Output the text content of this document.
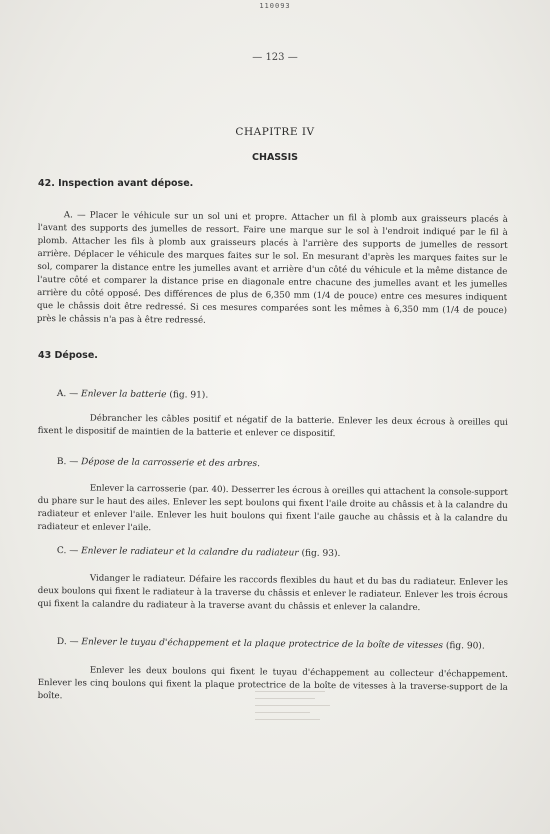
110093
— 123 —
CHAPITRE IV
CHASSIS
42. Inspection avant dépose.
A. — Placer le véhicule sur un sol uni et propre. Attacher un fil à plomb aux graisseurs placés à l'avant des supports des jumelles de ressort. Faire une marque sur le sol à l'endroit indiqué par le fil à plomb. Attacher les fils à plomb aux graisseurs placés à l'arrière des supports de jumelles de ressort arrière. Déplacer le véhicule des marques faites sur le sol. En mesurant d'après les marques faites sur le sol, comparer la distance entre les jumelles avant et arrière d'un côté du véhicule et la même distance de l'autre côté et comparer la distance prise en diagonale entre chacune des jumelles avant et les jumelles arrière du côté opposé. Des différences de plus de 6,350 mm (1/4 de pouce) entre ces mesures indiquent que le châssis doit être redressé. Si ces mesures comparées sont les mêmes à 6,350 mm (1/4 de pouce) près le châssis n'a pas à être redressé.
43 Dépose.
A. — Enlever la batterie (fig. 91).
Débrancher les câbles positif et négatif de la batterie. Enlever les deux écrous à oreilles qui fixent le dispositif de maintien de la batterie et enlever ce dispositif.
B. — Dépose de la carrosserie et des arbres.
Enlever la carrosserie (par. 40). Desserrer les écrous à oreilles qui attachent la console-support du phare sur le haut des ailes. Enlever les sept boulons qui fixent l'aile droite au châssis et à la calandre du radiateur et enlever l'aile. Enlever les huit boulons qui fixent l'aile gauche au châssis et à la calandre du radiateur et enlever l'aile.
C. — Enlever le radiateur et la calandre du radiateur (fig. 93).
Vidanger le radiateur. Défaire les raccords flexibles du haut et du bas du radiateur. Enlever les deux boulons qui fixent le radiateur à la traverse du châssis et enlever le radiateur. Enlever les trois écrous qui fixent la calandre du radiateur à la traverse avant du châssis et enlever la calandre.
D. — Enlever le tuyau d'échappement et la plaque protectrice de la boîte de vitesses (fig. 90).
Enlever les deux boulons qui fixent le tuyau d'échappement au collecteur d'échappement. Enlever les cinq boulons qui fixent la plaque protectrice de la boîte de vitesses à la traverse-support de la boîte.
